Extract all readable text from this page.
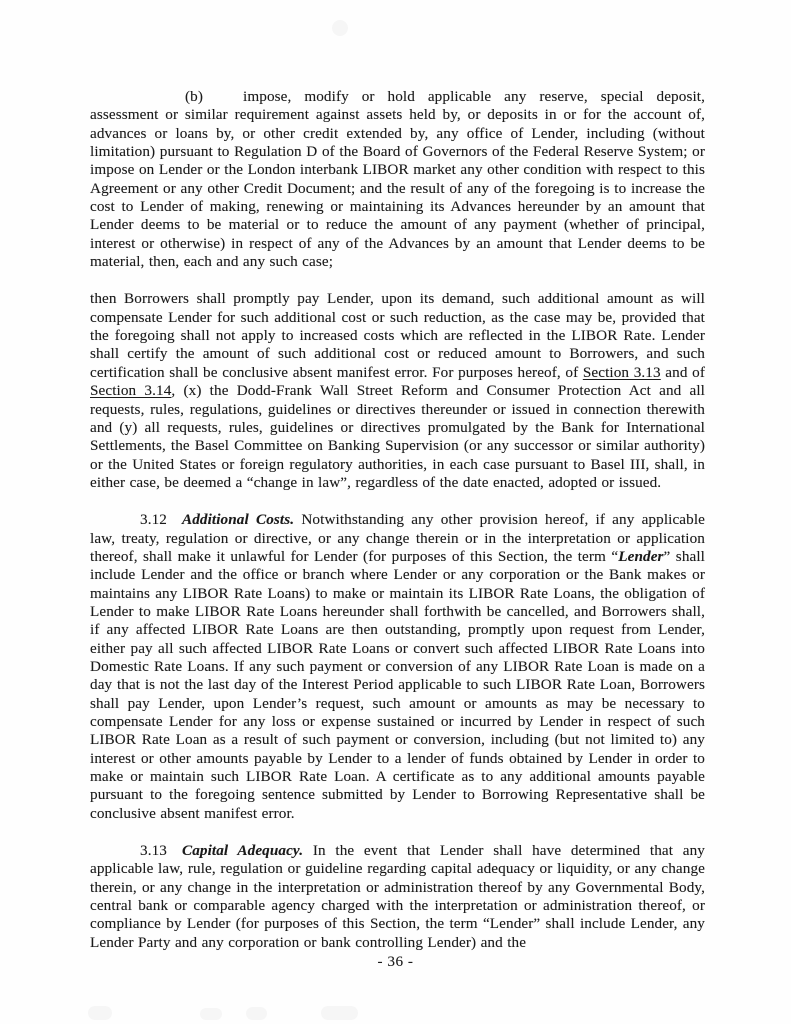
(b)	impose, modify or hold applicable any reserve, special deposit, assessment or similar requirement against assets held by, or deposits in or for the account of, advances or loans by, or other credit extended by, any office of Lender, including (without limitation) pursuant to Regulation D of the Board of Governors of the Federal Reserve System; or impose on Lender or the London interbank LIBOR market any other condition with respect to this Agreement or any other Credit Document; and the result of any of the foregoing is to increase the cost to Lender of making, renewing or maintaining its Advances hereunder by an amount that Lender deems to be material or to reduce the amount of any payment (whether of principal, interest or otherwise) in respect of any of the Advances by an amount that Lender deems to be material, then, each and any such case;

then Borrowers shall promptly pay Lender, upon its demand, such additional amount as will compensate Lender for such additional cost or such reduction, as the case may be, provided that the foregoing shall not apply to increased costs which are reflected in the LIBOR Rate. Lender shall certify the amount of such additional cost or reduced amount to Borrowers, and such certification shall be conclusive absent manifest error. For purposes hereof, of Section 3.13 and of Section 3.14, (x) the Dodd-Frank Wall Street Reform and Consumer Protection Act and all requests, rules, regulations, guidelines or directives thereunder or issued in connection therewith and (y) all requests, rules, guidelines or directives promulgated by the Bank for International Settlements, the Basel Committee on Banking Supervision (or any successor or similar authority) or the United States or foreign regulatory authorities, in each case pursuant to Basel III, shall, in either case, be deemed a “change in law”, regardless of the date enacted, adopted or issued.

3.12 Additional Costs. Notwithstanding any other provision hereof, if any applicable law, treaty, regulation or directive, or any change therein or in the interpretation or application thereof, shall make it unlawful for Lender (for purposes of this Section, the term “Lender” shall include Lender and the office or branch where Lender or any corporation or the Bank makes or maintains any LIBOR Rate Loans) to make or maintain its LIBOR Rate Loans, the obligation of Lender to make LIBOR Rate Loans hereunder shall forthwith be cancelled, and Borrowers shall, if any affected LIBOR Rate Loans are then outstanding, promptly upon request from Lender, either pay all such affected LIBOR Rate Loans or convert such affected LIBOR Rate Loans into Domestic Rate Loans. If any such payment or conversion of any LIBOR Rate Loan is made on a day that is not the last day of the Interest Period applicable to such LIBOR Rate Loan, Borrowers shall pay Lender, upon Lender’s request, such amount or amounts as may be necessary to compensate Lender for any loss or expense sustained or incurred by Lender in respect of such LIBOR Rate Loan as a result of such payment or conversion, including (but not limited to) any interest or other amounts payable by Lender to a lender of funds obtained by Lender in order to make or maintain such LIBOR Rate Loan. A certificate as to any additional amounts payable pursuant to the foregoing sentence submitted by Lender to Borrowing Representative shall be conclusive absent manifest error.

3.13 Capital Adequacy. In the event that Lender shall have determined that any applicable law, rule, regulation or guideline regarding capital adequacy or liquidity, or any change therein, or any change in the interpretation or administration thereof by any Governmental Body, central bank or comparable agency charged with the interpretation or administration thereof, or compliance by Lender (for purposes of this Section, the term “Lender” shall include Lender, any Lender Party and any corporation or bank controlling Lender) and the

- 36 -
